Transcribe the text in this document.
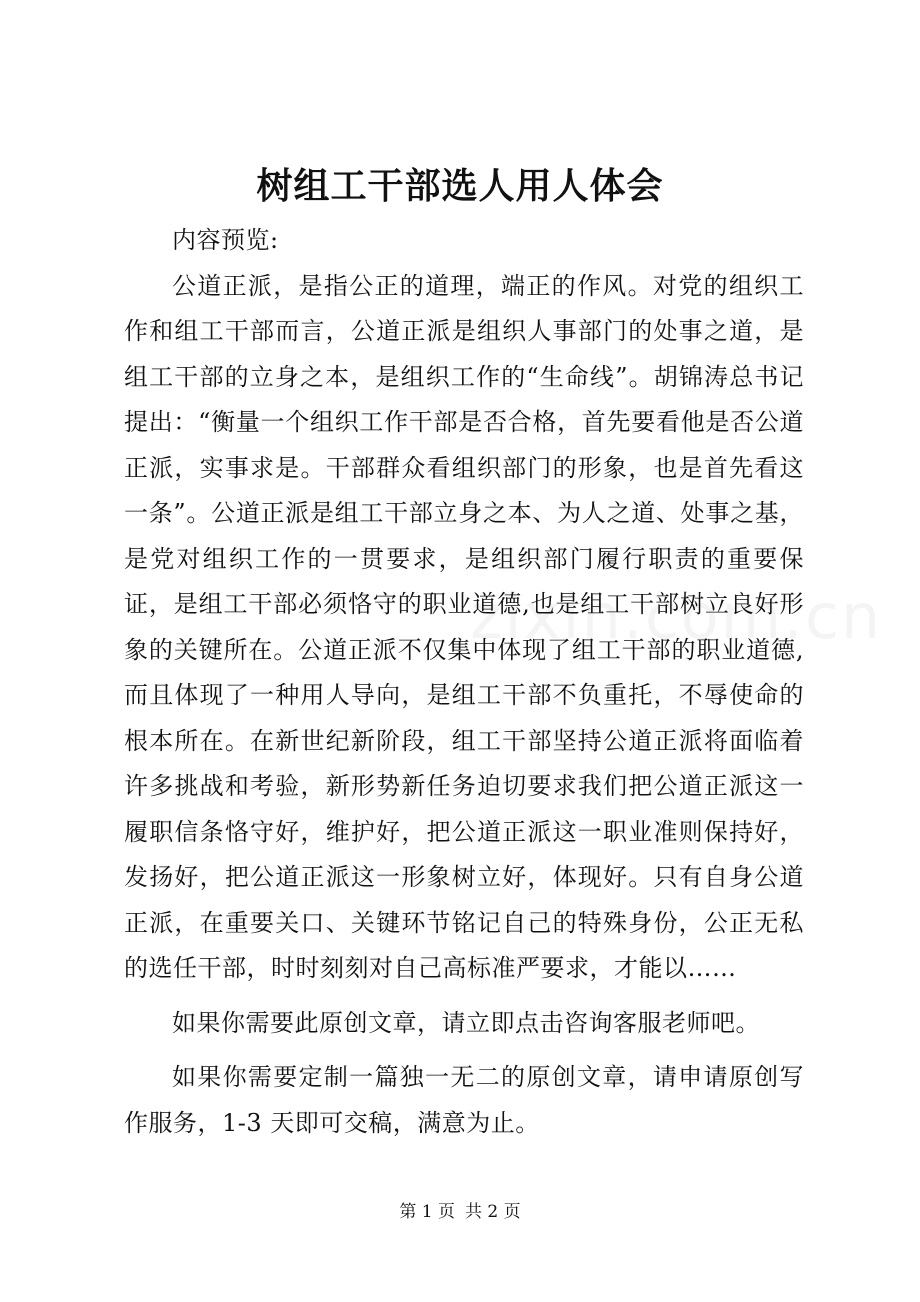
树组工干部选人用人体会

内容预览:

公道正派，是指公正的道理，端正的作风。对党的组织工作和组工干部而言，公道正派是组织人事部门的处事之道，是组工干部的立身之本，是组织工作的“生命线”。胡锦涛总书记提出：“衡量一个组织工作干部是否合格，首先要看他是否公道正派，实事求是。干部群众看组织部门的形象，也是首先看这一条”。公道正派是组工干部立身之本、为人之道、处事之基，是党对组织工作的一贯要求，是组织部门履行职责的重要保证，是组工干部必须恪守的职业道德,也是组工干部树立良好形象的关键所在。公道正派不仅集中体现了组工干部的职业道德,而且体现了一种用人导向，是组工干部不负重托，不辱使命的根本所在。在新世纪新阶段，组工干部坚持公道正派将面临着许多挑战和考验，新形势新任务迫切要求我们把公道正派这一履职信条恪守好，维护好，把公道正派这一职业准则保持好，发扬好，把公道正派这一形象树立好，体现好。只有自身公道正派，在重要关口、关键环节铭记自己的特殊身份，公正无私的选任干部，时时刻刻对自己高标准严要求，才能以……

如果你需要此原创文章，请立即点击咨询客服老师吧。

如果你需要定制一篇独一无二的原创文章，请申请原创写作服务，1-3 天即可交稿，满意为止。

第 1 页 共 2 页
